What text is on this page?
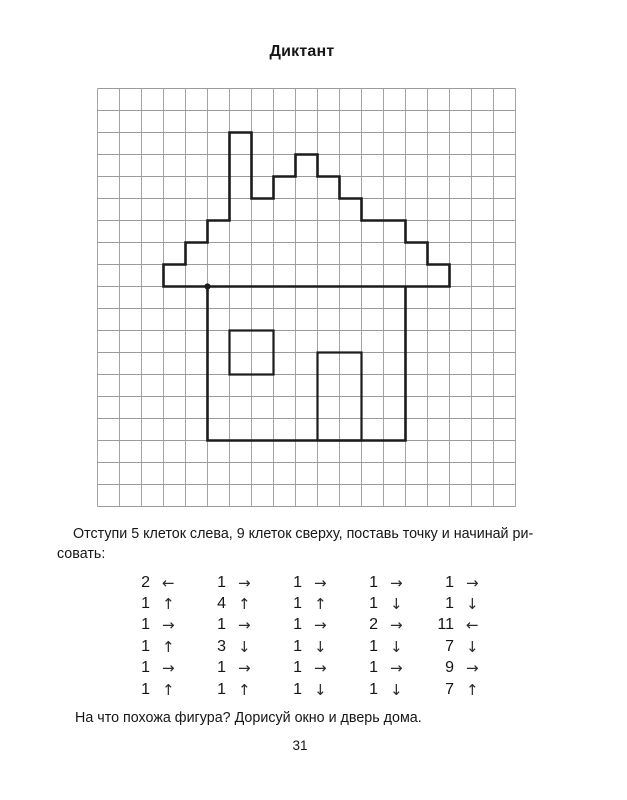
Диктант
Отступи 5 клеток слева, 9 клеток сверху, поставь точку и начинай ри-
совать:
2 ←	1 →	1 →	1 →	1 →
1 ↑	4 ↑	1 ↑	1 ↓	1 ↓
1 →	1 →	1 →	2 → 11 ←
1 ↑	3 ↓	1 ↓	1 ↓	7 ↓
1 →	1 →	1 →	1 →	9 →
1 ↑	1 ↑	1 ↓	1 ↓	7 ↑
На что похожа фигура? Дорисуй окно и дверь дома.
31
